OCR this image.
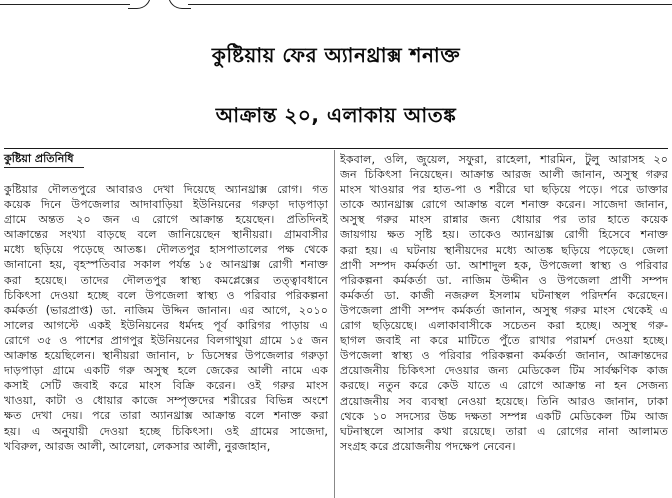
কুষ্টিয়ায় ফের অ্যানথ্রাক্স শনাক্ত
আক্রান্ত ২০, এলাকায় আতঙ্ক
কুষ্টিয়া প্রতিনিধি
কুষ্টিয়ার দৌলতপুরে আবারও দেখা দিয়েছে অ্যানথ্রাক্স রোগ। গত
কয়েক দিনে উপজেলার আদাবাড়িয়া ইউনিয়নের গরুড়া দাড়পাড়া
গ্রামে অন্তত ২০ জন এ রোগে আক্রান্ত হয়েছেন। প্রতিদিনই
আক্রান্তের সংখ্যা বাড়ছে বলে জানিয়েছেন স্থানীয়রা। গ্রামবাসীর
মধ্যে ছড়িয়ে পড়েছে আতঙ্ক। দৌলতপুর হাসপাতালের পক্ষ থেকে
জানানো হয়, বৃহস্পতিবার সকাল পর্যন্ত ১৫ আনথ্রাক্স রোগী শনাক্ত
করা হয়েছে। তাদের দৌলতপুর স্বাস্থ্য কমপ্লেক্সের তত্ত্বাবধানে
চিকিৎসা দেওয়া হচ্ছে বলে উপজেলা স্বাস্থ্য ও পরিবার পরিকল্পনা
কর্মকর্তা (ভারপ্রাপ্ত) ডা. নাজিম উদ্দিন জানান। এর আগে, ২০১০
সালের আগস্টে একই ইউনিয়নের ধর্মদহ পূর্ব কারিগর পাড়ায় এ
রোগে ৩৫ ও পাশের প্রাগপুর ইউনিয়নের বিলগাথুয়া গ্রামে ১৫ জন
আক্রান্ত হয়েছিলেন। স্থানীয়রা জানান, ৮ ডিসেম্বর উপজেলার গরুড়া
দাড়পাড়া গ্রামে একটি গরু অসুস্থ হলে জেকের আলী নামে এক
কসাই সেটি জবাই করে মাংস বিক্রি করেন। ওই গরুর মাংস
খাওয়া, কাটা ও ধোয়ার কাজে সম্পৃক্তদের শরীরের বিভিন্ন অংশে
ক্ষত দেখা দেয়। পরে তারা অ্যানথ্রাক্স আক্রান্ত বলে শনাক্ত করা
হয়। এ অনুযায়ী দেওয়া হচ্ছে চিকিৎসা। ওই গ্রামের সাজেদা,
খবিরুল, আরজ আলী, আলেয়া, লেকসার আলী, নুরজাহান,
ইকবাল, ওলি, জুয়েল, সফুরা, রাহেলা, শারমিন, টুলু আরাসহ ২০
জন চিকিৎসা নিয়েছেন। আক্রান্ত আরজ আলী জানান, অসুস্থ গরুর
মাংস খাওয়ার পর হাত-পা ও শরীরে ঘা ছড়িয়ে পড়ে। পরে ডাক্তার
তাকে অ্যানথ্রাক্স রোগে আক্রান্ত বলে শনাক্ত করেন। সাজেদা জানান,
অসুস্থ গরুর মাংস রান্নার জন্য ধোয়ার পর তার হাতে কয়েক
জায়গায় ক্ষত সৃষ্টি হয়। তাকেও অ্যানথ্রাক্স রোগী হিসেবে শনাক্ত
করা হয়। এ ঘটনায় স্থানীয়দের মধ্যে আতঙ্ক ছড়িয়ে পড়েছে। জেলা
প্রাণী সম্পদ কর্মকর্তা ডা. আশাদুল হক, উপজেলা স্বাস্থ্য ও পরিবার
পরিকল্পনা কর্মকর্তা ডা. নাজিম উদ্দীন ও উপজেলা প্রাণী সম্পদ
কর্মকর্তা ডা. কাজী নজরুল ইসলাম ঘটনাস্থল পরিদর্শন করেছেন।
উপজেলা প্রাণী সম্পদ কর্মকর্তা জানান, অসুস্থ গরুর মাংস থেকেই এ
রোগ ছড়িয়েছে। এলাকাবাসীকে সচেতন করা হচ্ছে। অসুস্থ গরু-
ছাগল জবাই না করে মাটিতে পুঁতে রাখার পরামর্শ দেওয়া হচ্ছে।
উপজেলা স্বাস্থ্য ও পরিবার পরিকল্পনা কর্মকর্তা জানান, আক্রান্তদের
প্রয়োজনীয় চিকিৎসা দেওয়ার জন্য মেডিকেল টিম সার্বক্ষণিক কাজ
করছে। নতুন করে কেউ যাতে এ রোগে আক্রান্ত না হন সেজন্য
প্রয়োজনীয় সব ব্যবস্থা নেওয়া হয়েছে। তিনি আরও জানান, ঢাকা
থেকে ১০ সদস্যের উচ্চ দক্ষতা সম্পন্ন একটি মেডিকেল টিম আজ
ঘটনাস্থলে আসার কথা রয়েছে। তারা এ রোগের নানা আলামত
সংগ্রহ করে প্রয়োজনীয় পদক্ষেপ নেবেন।
